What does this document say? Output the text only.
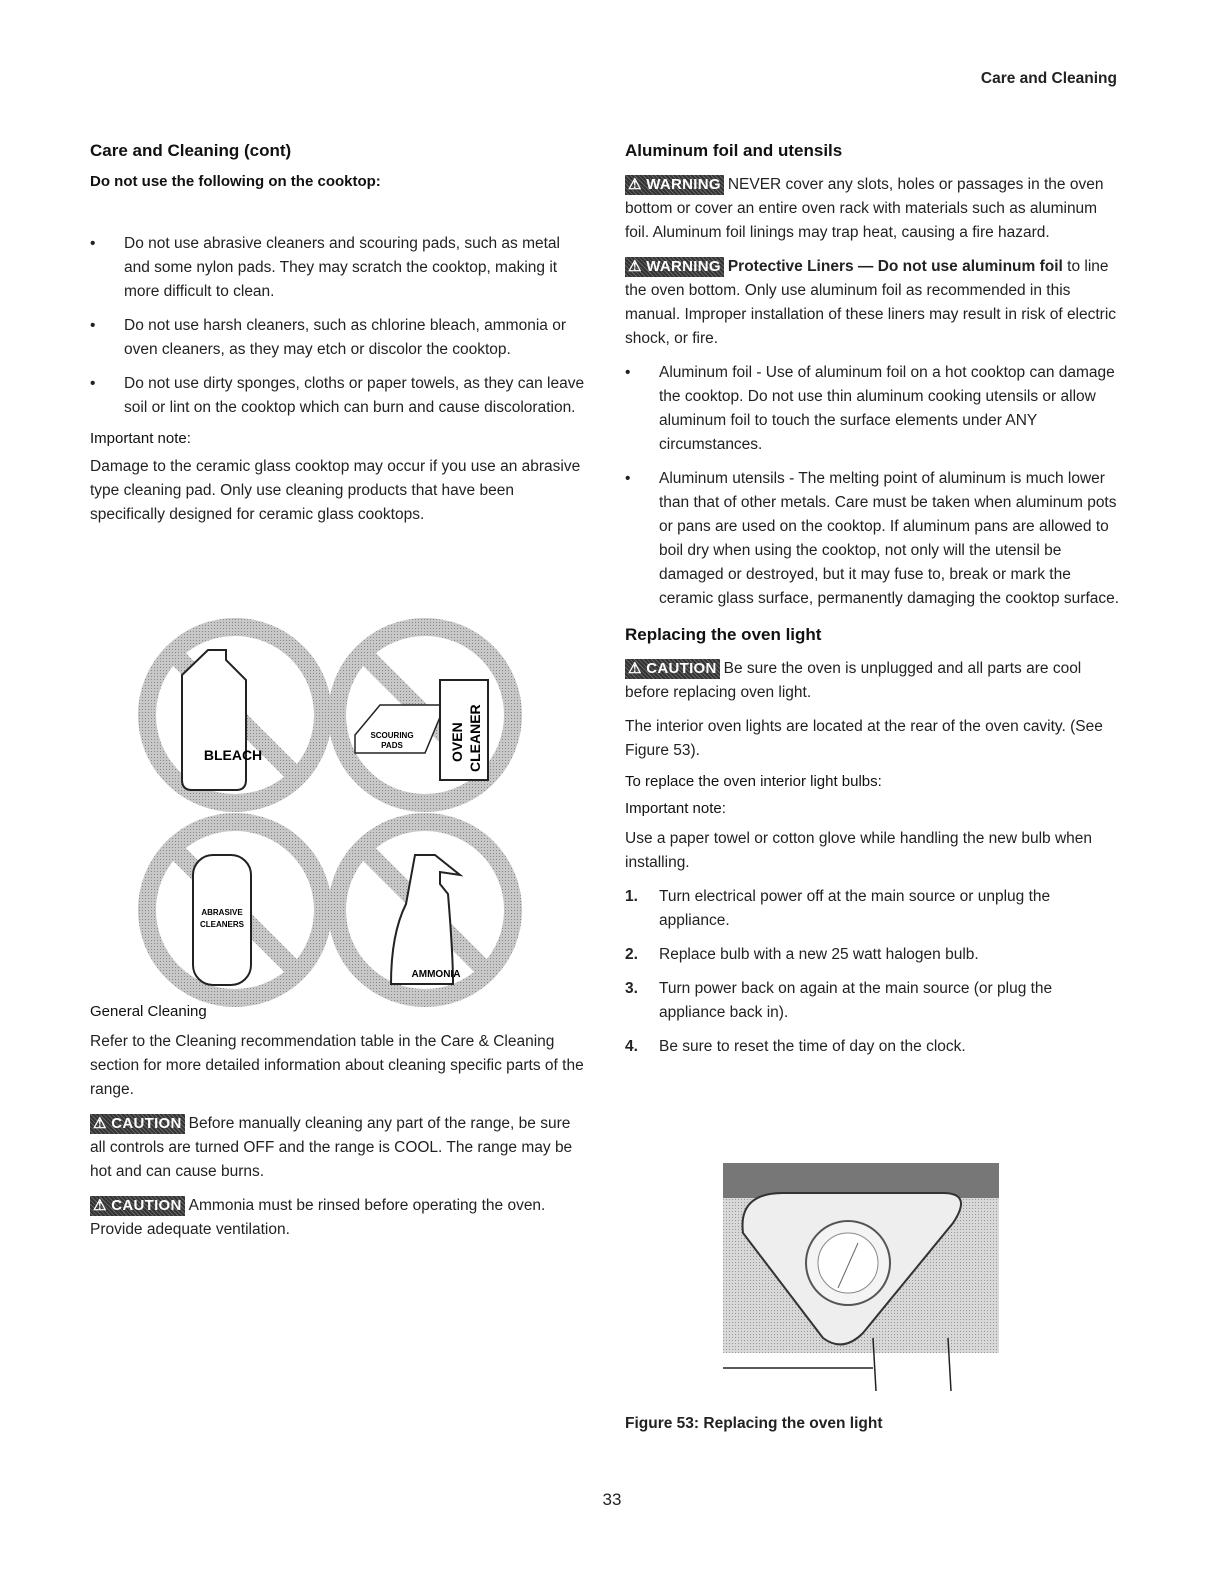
Care and Cleaning
Care and Cleaning (cont)
Do not use the following on the cooktop:
• Do not use abrasive cleaners and scouring pads, such as metal and some nylon pads. They may scratch the cooktop, making it more difficult to clean.
• Do not use harsh cleaners, such as chlorine bleach, ammonia or oven cleaners, as they may etch or discolor the cooktop.
• Do not use dirty sponges, cloths or paper towels, as they can leave soil or lint on the cooktop which can burn and cause discoloration.
Important note:

Damage to the ceramic glass cooktop may occur if you use an abrasive type cleaning pad. Only use cleaning products that have been specifically designed for ceramic glass cooktops.

BLEACH
SCOURING
PADS	OVEN CLEANER
ABRASIVE
CLEANERS
AMMONIA
General Cleaning

Refer to the Cleaning recommendation table in the Care & Cleaning section for more detailed information about cleaning specific parts of the range.

⚠ CAUTION Before manually cleaning any part of the range, be sure all controls are turned OFF and the range is COOL. The range may be hot and can cause burns.

⚠ CAUTION Ammonia must be rinsed before operating the oven. Provide adequate ventilation.

Aluminum foil and utensils

⚠ WARNING NEVER cover any slots, holes or passages in the oven bottom or cover an entire oven rack with materials such as aluminum foil. Aluminum foil linings may trap heat, causing a fire hazard.

⚠ WARNING Protective Liners — Do not use aluminum foil to line the oven bottom. Only use aluminum foil as recommended in this manual. Improper installation of these liners may result in risk of electric shock, or fire.

• Aluminum foil - Use of aluminum foil on a hot cooktop can damage the cooktop. Do not use thin aluminum cooking utensils or allow aluminum foil to touch the surface elements under ANY circumstances.
• Aluminum utensils - The melting point of aluminum is much lower than that of other metals. Care must be taken when aluminum pots or pans are used on the cooktop. If aluminum pans are allowed to boil dry when using the cooktop, not only will the utensil be damaged or destroyed, but it may fuse to, break or mark the ceramic glass surface, permanently damaging the cooktop surface.
Replacing the oven light

⚠ CAUTION Be sure the oven is unplugged and all parts are cool before replacing oven light.

The interior oven lights are located at the rear of the oven cavity. (See Figure 53).

To replace the oven interior light bulbs:
Important note:

Use a paper towel or cotton glove while handling the new bulb when installing.

1. Turn electrical power off at the main source or unplug the appliance.
2. Replace bulb with a new 25 watt halogen bulb.
3. Turn power back on again at the main source (or plug the appliance back in).
4. Be sure to reset the time of day on the clock.
Figure 53: Replacing the oven light
33
